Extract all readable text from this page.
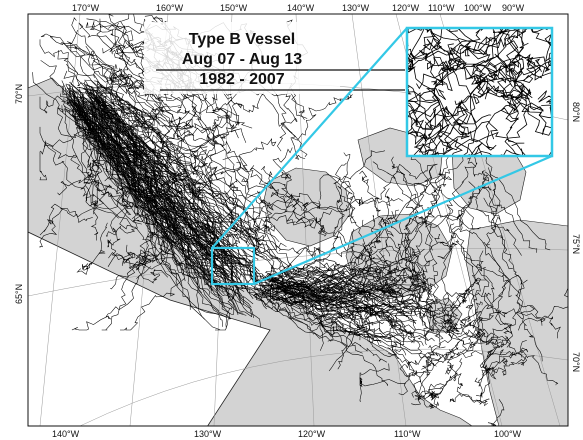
Type B Vessel
Aug 07 - Aug 13
1982 - 2007
170°W	160°W	150°W	140°W	130°W	120°W 110°W 100°W 90°W
140°W	130°W	120°W	110°W	100°W
70°N
65°N
80°N
75°N
70°N
